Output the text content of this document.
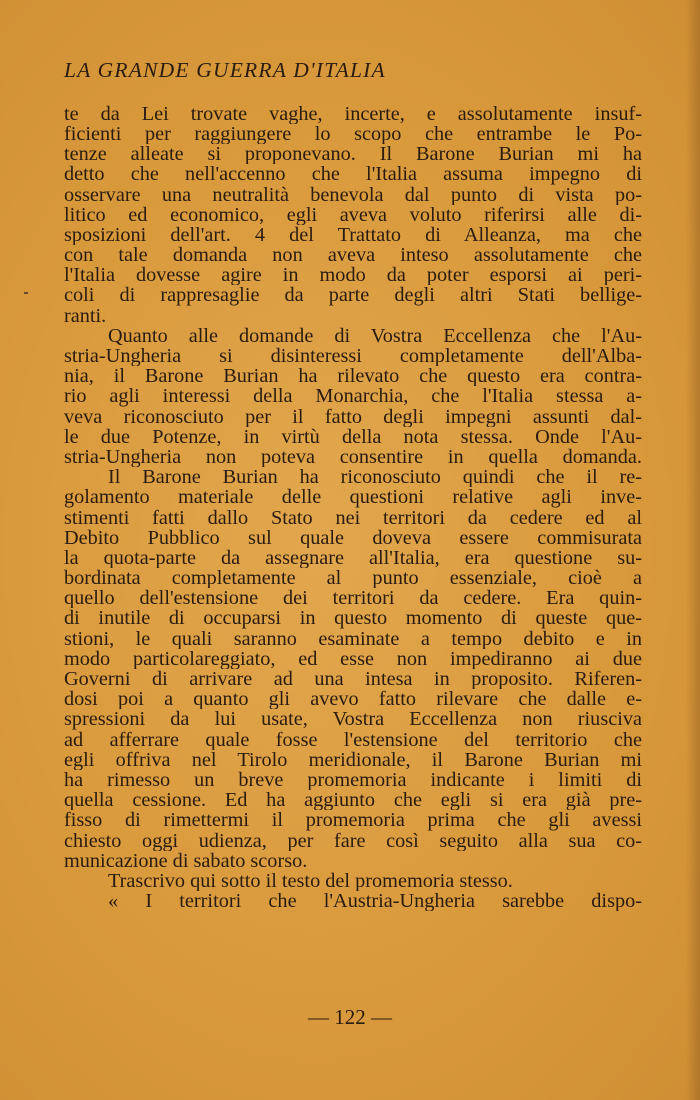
LA GRANDE GUERRA D'ITALIA
te da Lei trovate vaghe, incerte, e assolutamente insuf-
ficienti per raggiungere lo scopo che entrambe le Po-
tenze alleate si proponevano. Il Barone Burian mi ha
detto che nell'accenno che l'Italia assuma impegno di
osservare una neutralità benevola dal punto di vista po-
litico ed economico, egli aveva voluto riferirsi alle di-
sposizioni dell'art. 4 del Trattato di Alleanza, ma che
con tale domanda non aveva inteso assolutamente che
l'Italia dovesse agire in modo da poter esporsi ai peri-
coli di rappresaglie da parte degli altri Stati bellige-
ranti.
Quanto alle domande di Vostra Eccellenza che l'Au-
stria-Ungheria si disinteressi completamente dell'Alba-
nia, il Barone Burian ha rilevato che questo era contra-
rio agli interessi della Monarchia, che l'Italia stessa a-
veva riconosciuto per il fatto degli impegni assunti dal-
le due Potenze, in virtù della nota stessa. Onde l'Au-
stria-Ungheria non poteva consentire in quella domanda.
Il Barone Burian ha riconosciuto quindi che il re-
golamento materiale delle questioni relative agli inve-
stimenti fatti dallo Stato nei territori da cedere ed al
Debito Pubblico sul quale doveva essere commisurata
la quota-parte da assegnare all'Italia, era questione su-
bordinata completamente al punto essenziale, cioè a
quello dell'estensione dei territori da cedere. Era quin-
di inutile di occuparsi in questo momento di queste que-
stioni, le quali saranno esaminate a tempo debito e in
modo particolareggiato, ed esse non impediranno ai due
Governi di arrivare ad una intesa in proposito. Riferen-
dosi poi a quanto gli avevo fatto rilevare che dalle e-
spressioni da lui usate, Vostra Eccellenza non riusciva
ad afferrare quale fosse l'estensione del territorio che
egli offriva nel Tirolo meridionale, il Barone Burian mi
ha rimesso un breve promemoria indicante i limiti di
quella cessione. Ed ha aggiunto che egli si era già pre-
fisso di rimettermi il promemoria prima che gli avessi
chiesto oggi udienza, per fare così seguito alla sua co-
municazione di sabato scorso.
Trascrivo qui sotto il testo del promemoria stesso.
« I territori che l'Austria-Ungheria sarebbe dispo-
— 122 —
